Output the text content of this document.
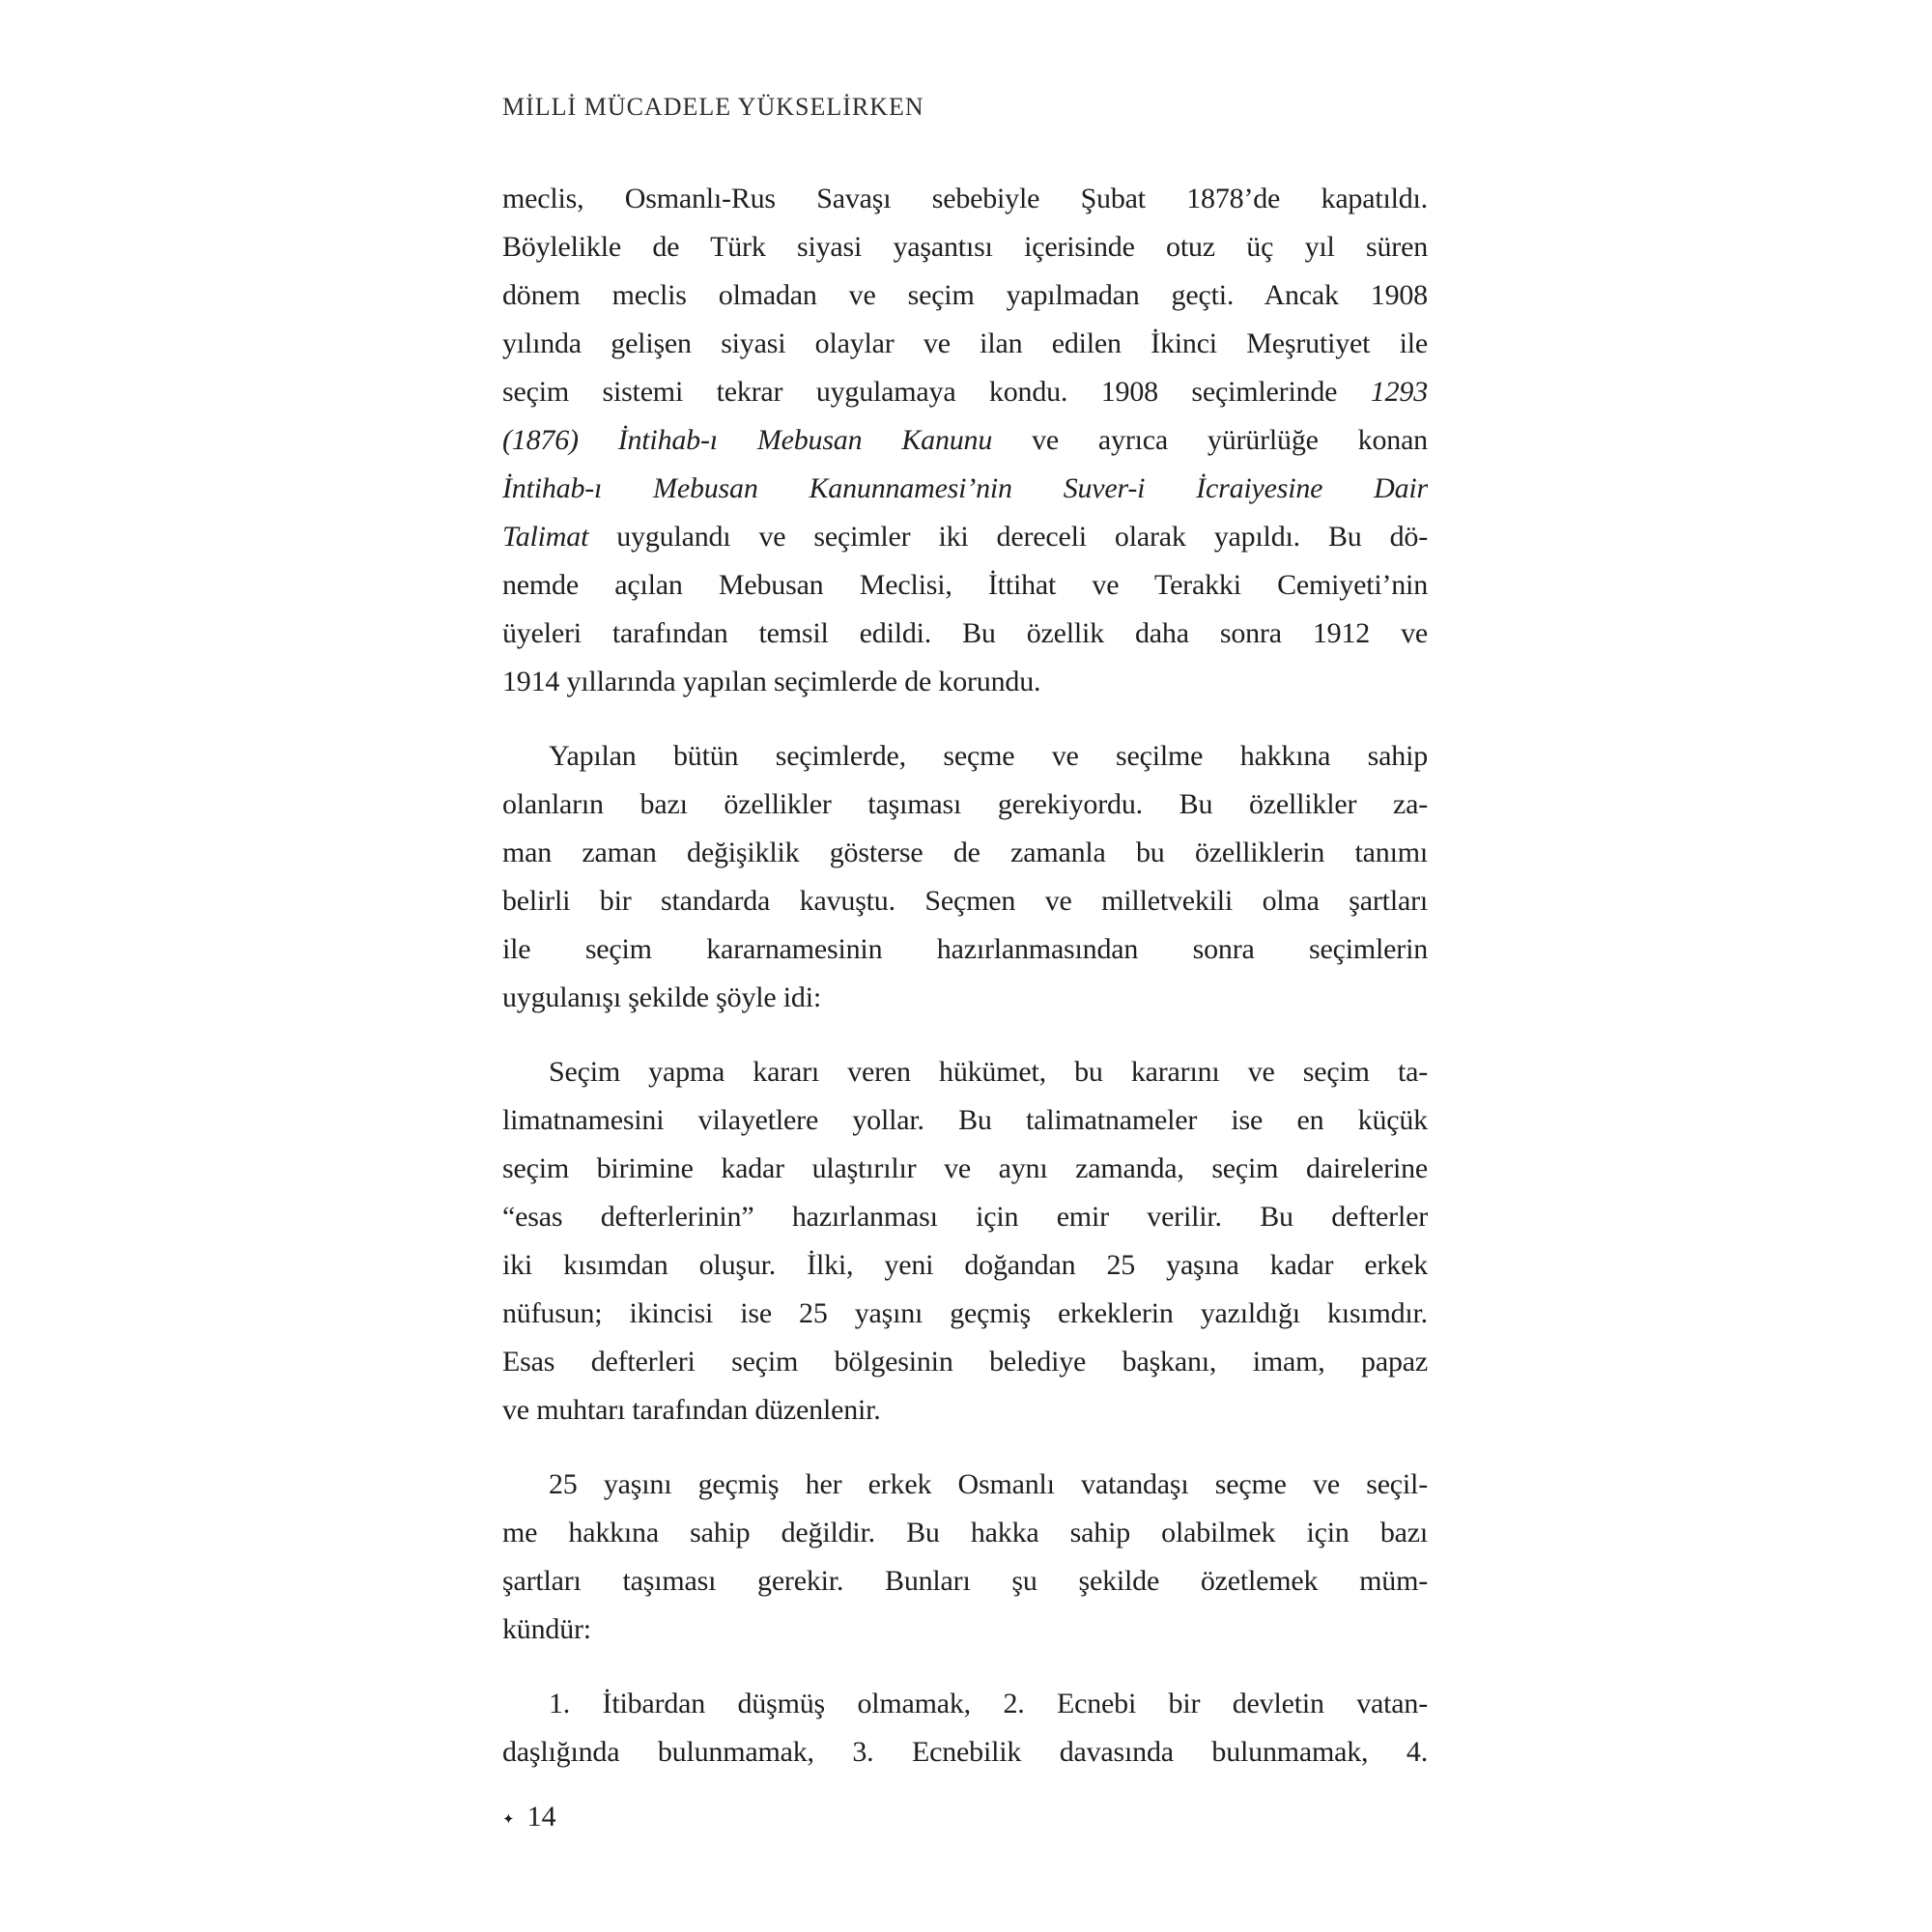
MİLLİ MÜCADELE YÜKSELİRKEN
meclis, Osmanlı-Rus Savaşı sebebiyle Şubat 1878’de kapatıldı.
Böylelikle de Türk siyasi yaşantısı içerisinde otuz üç yıl süren
dönem meclis olmadan ve seçim yapılmadan geçti. Ancak 1908
yılında gelişen siyasi olaylar ve ilan edilen İkinci Meşrutiyet ile
seçim sistemi tekrar uygulamaya kondu. 1908 seçimlerinde 1293
(1876) İntihab-ı Mebusan Kanunu ve ayrıca yürürlüğe konan
İntihab-ı Mebusan Kanunnamesi’nin Suver-i İcraiyesine Dair
Talimat uygulandı ve seçimler iki dereceli olarak yapıldı. Bu dö-
nemde açılan Mebusan Meclisi, İttihat ve Terakki Cemiyeti’nin
üyeleri tarafından temsil edildi. Bu özellik daha sonra 1912 ve
1914 yıllarında yapılan seçimlerde de korundu.
Yapılan bütün seçimlerde, seçme ve seçilme hakkına sahip
olanların bazı özellikler taşıması gerekiyordu. Bu özellikler za-
man zaman değişiklik gösterse de zamanla bu özelliklerin tanımı
belirli bir standarda kavuştu. Seçmen ve milletvekili olma şartları
ile seçim kararnamesinin hazırlanmasından sonra seçimlerin
uygulanışı şekilde şöyle idi:
Seçim yapma kararı veren hükümet, bu kararını ve seçim ta-
limatnamesini vilayetlere yollar. Bu talimatnameler ise en küçük
seçim birimine kadar ulaştırılır ve aynı zamanda, seçim dairelerine
“esas defterlerinin” hazırlanması için emir verilir. Bu defterler
iki kısımdan oluşur. İlki, yeni doğandan 25 yaşına kadar erkek
nüfusun; ikincisi ise 25 yaşını geçmiş erkeklerin yazıldığı kısımdır.
Esas defterleri seçim bölgesinin belediye başkanı, imam, papaz
ve muhtarı tarafından düzenlenir.
25 yaşını geçmiş her erkek Osmanlı vatandaşı seçme ve seçil-
me hakkına sahip değildir. Bu hakka sahip olabilmek için bazı
şartları taşıması gerekir. Bunları şu şekilde özetlemek müm-
kündür:
1. İtibardan düşmüş olmamak, 2. Ecnebi bir devletin vatan-
daşlığında bulunmamak, 3. Ecnebilik davasında bulunmamak, 4.
✦ 14
